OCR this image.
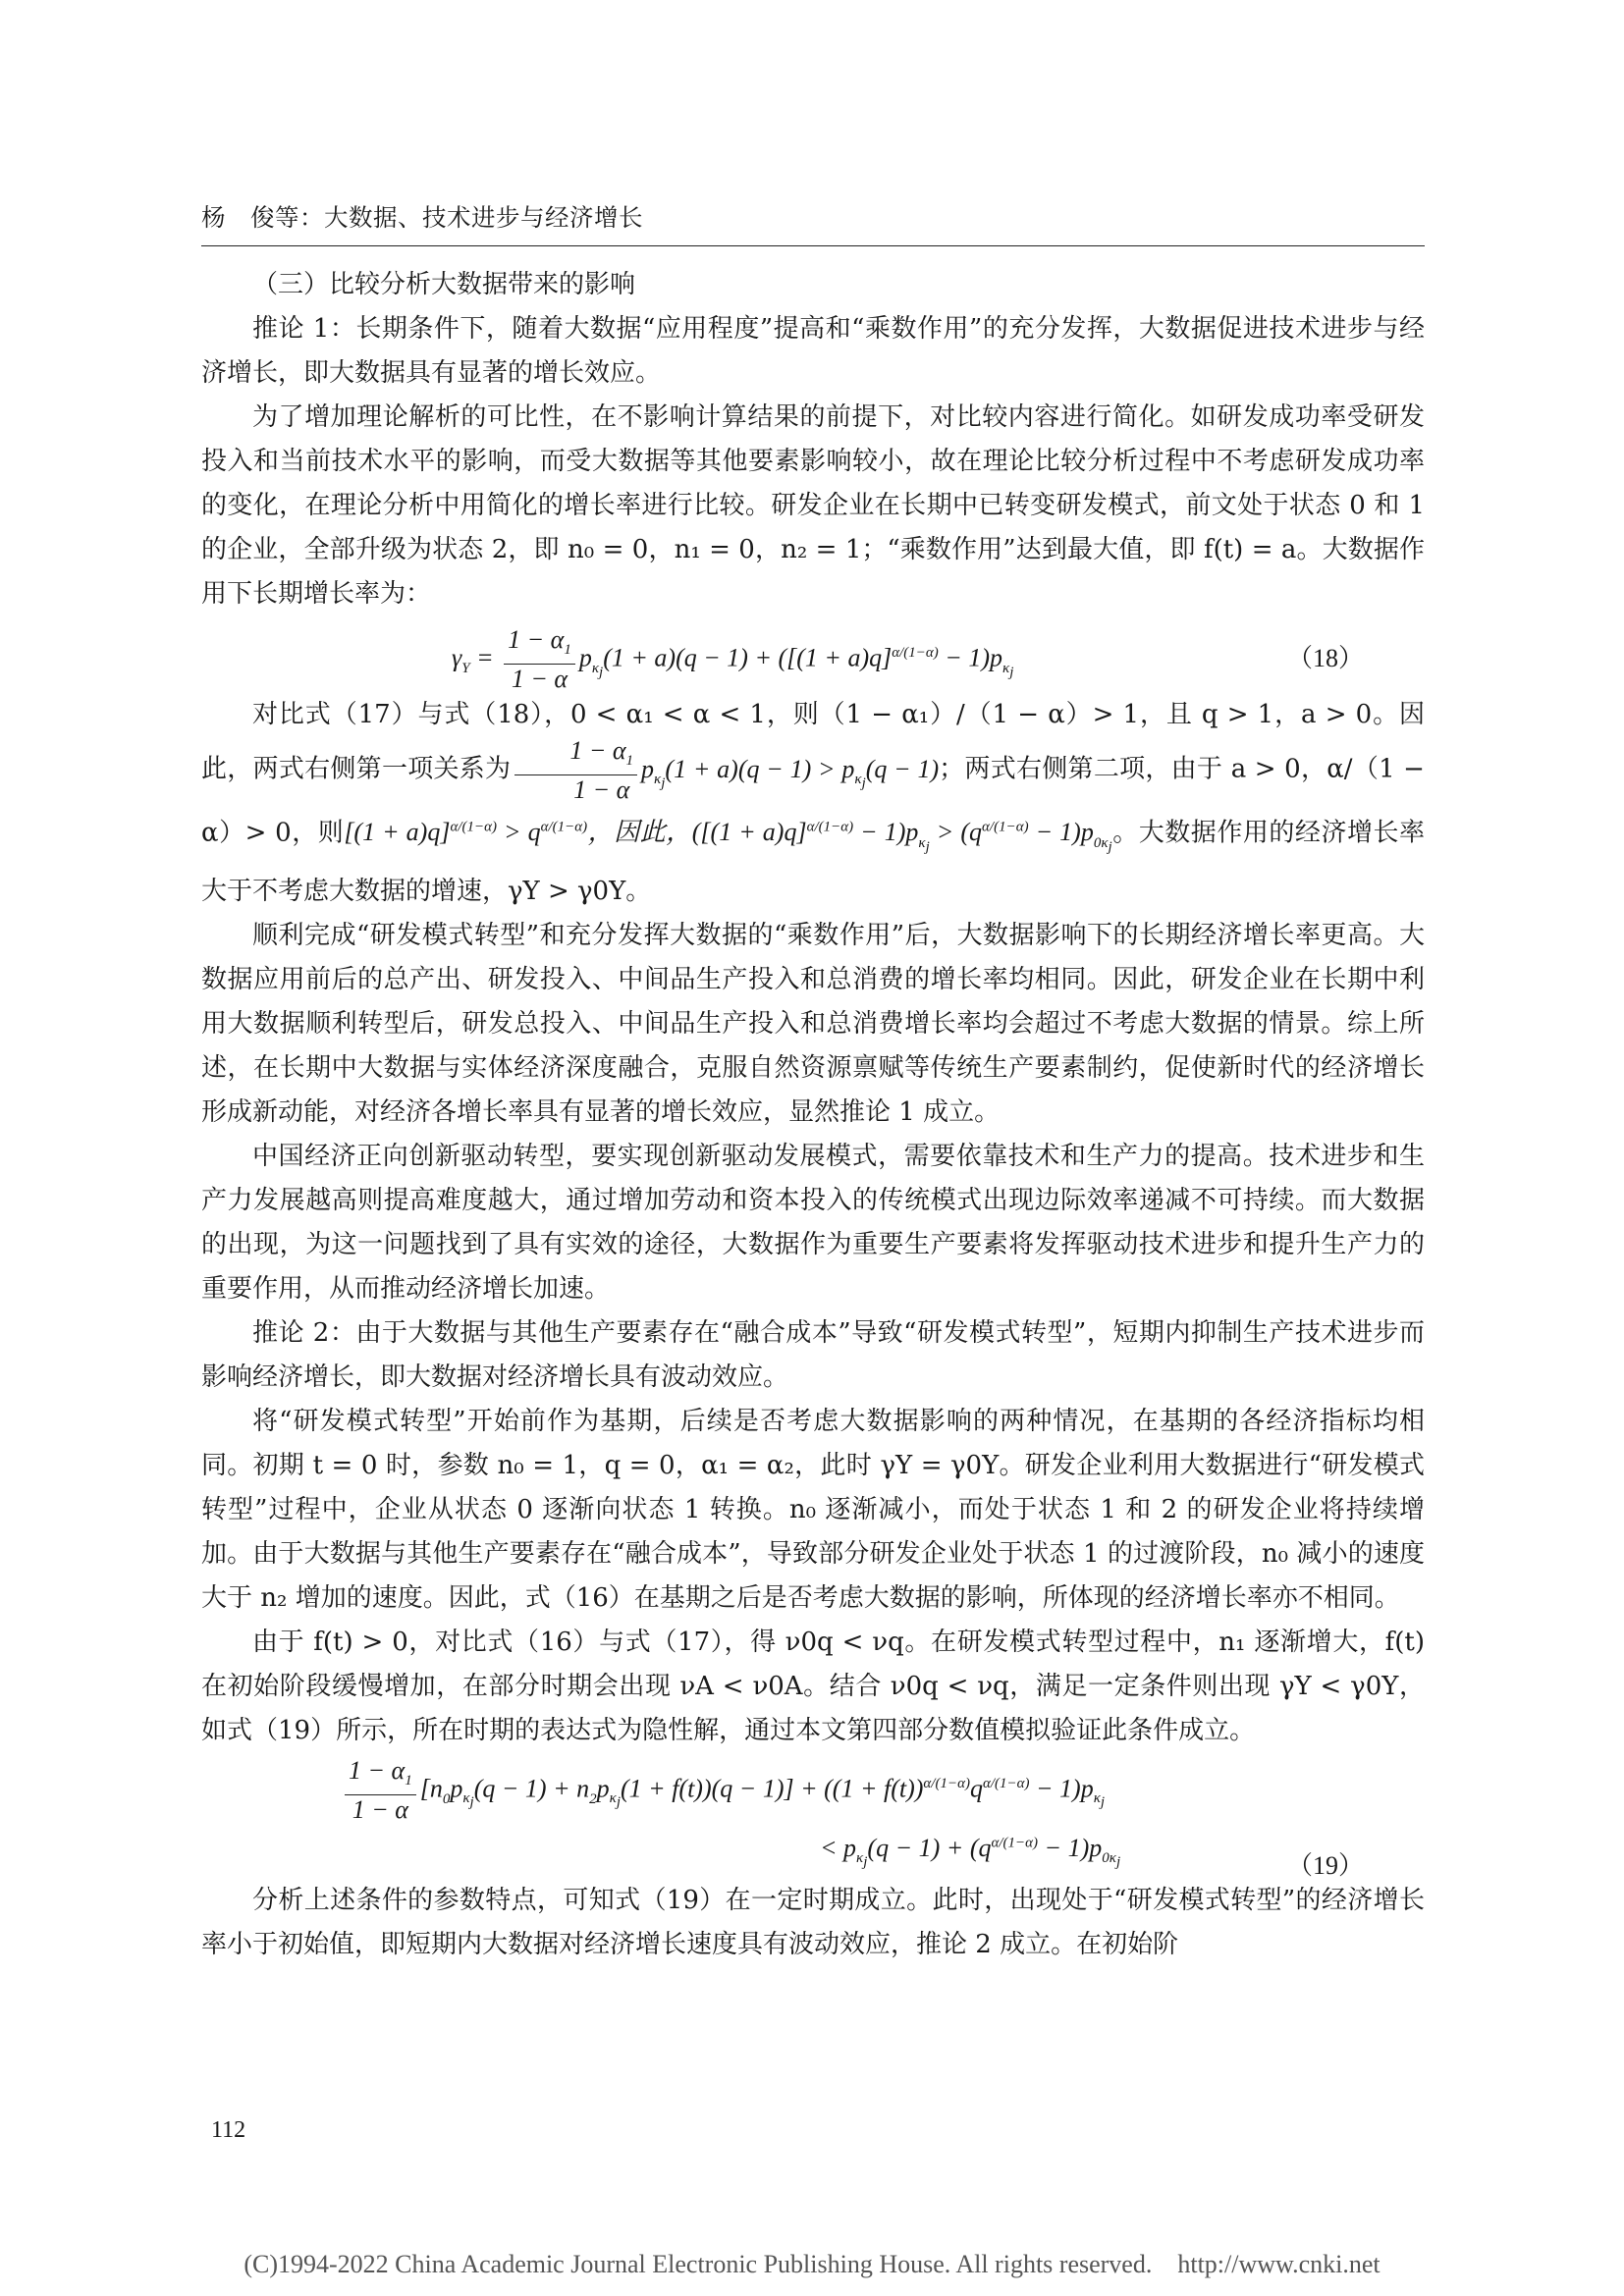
杨　俊等：大数据、技术进步与经济增长

（三）比较分析大数据带来的影响

推论 1：长期条件下，随着大数据“应用程度”提高和“乘数作用”的充分发挥，大数据促进技术进步与经济增长，即大数据具有显著的增长效应。

为了增加理论解析的可比性，在不影响计算结果的前提下，对比较内容进行简化。如研发成功率受研发投入和当前技术水平的影响，而受大数据等其他要素影响较小，故在理论比较分析过程中不考虑研发成功率的变化，在理论分析中用简化的增长率进行比较。研发企业在长期中已转变研发模式，前文处于状态 0 和 1 的企业，全部升级为状态 2，即 n₀ = 0，n₁ = 0，n₂ = 1；“乘数作用”达到最大值，即 f(t) = a。大数据作用下长期增长率为：

$\gamma_Y = \frac{1 - \alpha_1}{1 - \alpha} p_{\kappa_j}(1 + a)(q - 1) + ([(1 + a)q]^{\alpha/(1-\alpha)} - 1)p_{\kappa_j}$	（18）

对比式（17）与式（18），0 < α₁ < α < 1，则（1 − α₁）/（1 − α）> 1，且 q > 1，a > 0。因此，两式右侧第一项关系为 $\frac{1 - \alpha_1}{1 - \alpha} p_{\kappa_j}(1 + a)(q - 1) > p_{\kappa_j}(q - 1)$；两式右侧第二项，由于 a > 0，α/（1 − α）> 0，则$[(1 + a)q]^{\alpha/(1-\alpha)} > q^{\alpha/(1-\alpha)}$，因此，$([(1 + a)q]^{\alpha/(1-\alpha)} - 1)p_{\kappa_j} > (q^{\alpha/(1-\alpha)} - 1)p_{0\kappa_j}$。大数据作用的经济增长率大于不考虑大数据的增速，γY > γ0Y。

顺利完成“研发模式转型”和充分发挥大数据的“乘数作用”后，大数据影响下的长期经济增长率更高。大数据应用前后的总产出、研发投入、中间品生产投入和总消费的增长率均相同。因此，研发企业在长期中利用大数据顺利转型后，研发总投入、中间品生产投入和总消费增长率均会超过不考虑大数据的情景。综上所述，在长期中大数据与实体经济深度融合，克服自然资源禀赋等传统生产要素制约，促使新时代的经济增长形成新动能，对经济各增长率具有显著的增长效应，显然推论 1 成立。

中国经济正向创新驱动转型，要实现创新驱动发展模式，需要依靠技术和生产力的提高。技术进步和生产力发展越高则提高难度越大，通过增加劳动和资本投入的传统模式出现边际效率递减不可持续。而大数据的出现，为这一问题找到了具有实效的途径，大数据作为重要生产要素将发挥驱动技术进步和提升生产力的重要作用，从而推动经济增长加速。

推论 2：由于大数据与其他生产要素存在“融合成本”导致“研发模式转型”，短期内抑制生产技术进步而影响经济增长，即大数据对经济增长具有波动效应。

将“研发模式转型”开始前作为基期，后续是否考虑大数据影响的两种情况，在基期的各经济指标均相同。初期 t = 0 时，参数 n₀ = 1，q = 0，α₁ = α₂，此时 γY = γ0Y。研发企业利用大数据进行“研发模式转型”过程中，企业从状态 0 逐渐向状态 1 转换。n₀ 逐渐减小，而处于状态 1 和 2 的研发企业将持续增加。由于大数据与其他生产要素存在“融合成本”，导致部分研发企业处于状态 1 的过渡阶段，n₀ 减小的速度大于 n₂ 增加的速度。因此，式（16）在基期之后是否考虑大数据的影响，所体现的经济增长率亦不相同。

由于 f(t) > 0，对比式（16）与式（17），得 ν0q < νq。在研发模式转型过程中，n₁ 逐渐增大，f(t) 在初始阶段缓慢增加，在部分时期会出现 νA < ν0A。结合 ν0q < νq，满足一定条件则出现 γY < γ0Y，如式（19）所示，所在时期的表达式为隐性解，通过本文第四部分数值模拟验证此条件成立。

$\frac{1 - \alpha_1}{1 - \alpha} [n_0p_{\kappa_j}(q - 1) + n_2p_{\kappa_j}(1 + f(t))(q - 1)] + ((1 + f(t))^{\alpha/(1-\alpha)}q^{\alpha/(1-\alpha)} - 1)p_{\kappa_j}$
< $p_{\kappa_j}(q - 1) + (q^{\alpha/(1-\alpha)} - 1)p_{0\kappa_j}$	（19）

分析上述条件的参数特点，可知式（19）在一定时期成立。此时，出现处于“研发模式转型”的经济增长率小于初始值，即短期内大数据对经济增长速度具有波动效应，推论 2 成立。在初始阶

112
(C)1994-2022 China Academic Journal Electronic Publishing House. All rights reserved. http://www.cnki.net
